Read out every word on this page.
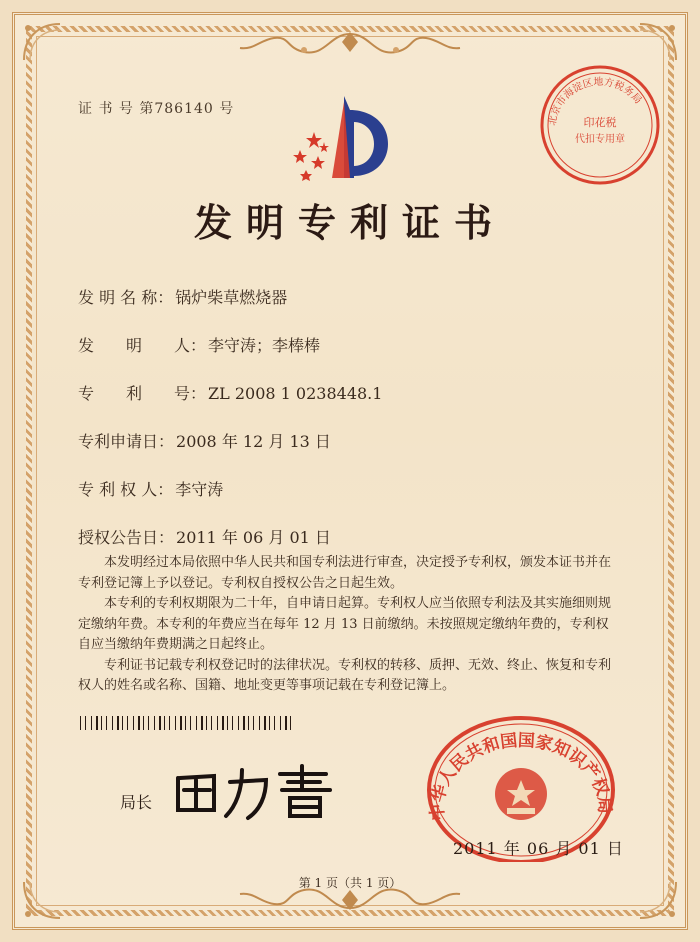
证 书 号 第786140 号
北京市海淀区地方税务局
印花税
代扣专用章
发明专利证书
发 明 名 称： 锅炉柴草燃烧器
发　　明　　人： 李守涛；李棒棒
专　　利　　号： ZL 2008 1 0238448.1
专利申请日： 2008 年 12 月 13 日
专 利 权 人： 李守涛
授权公告日： 2011 年 06 月 01 日

本发明经过本局依照中华人民共和国专利法进行审查，决定授予专利权，颁发本证书并在专利登记簿上予以登记。专利权自授权公告之日起生效。

本专利的专利权期限为二十年，自申请日起算。专利权人应当依照专利法及其实施细则规定缴纳年费。本专利的年费应当在每年 12 月 13 日前缴纳。未按照规定缴纳年费的，专利权自应当缴纳年费期满之日起终止。

专利证书记载专利权登记时的法律状况。专利权的转移、质押、无效、终止、恢复和专利权人的姓名或名称、国籍、地址变更等事项记载在专利登记簿上。

局长
中华人民共和国国家知识产权局
2011 年 06 月 01 日
第 1 页（共 1 页）
